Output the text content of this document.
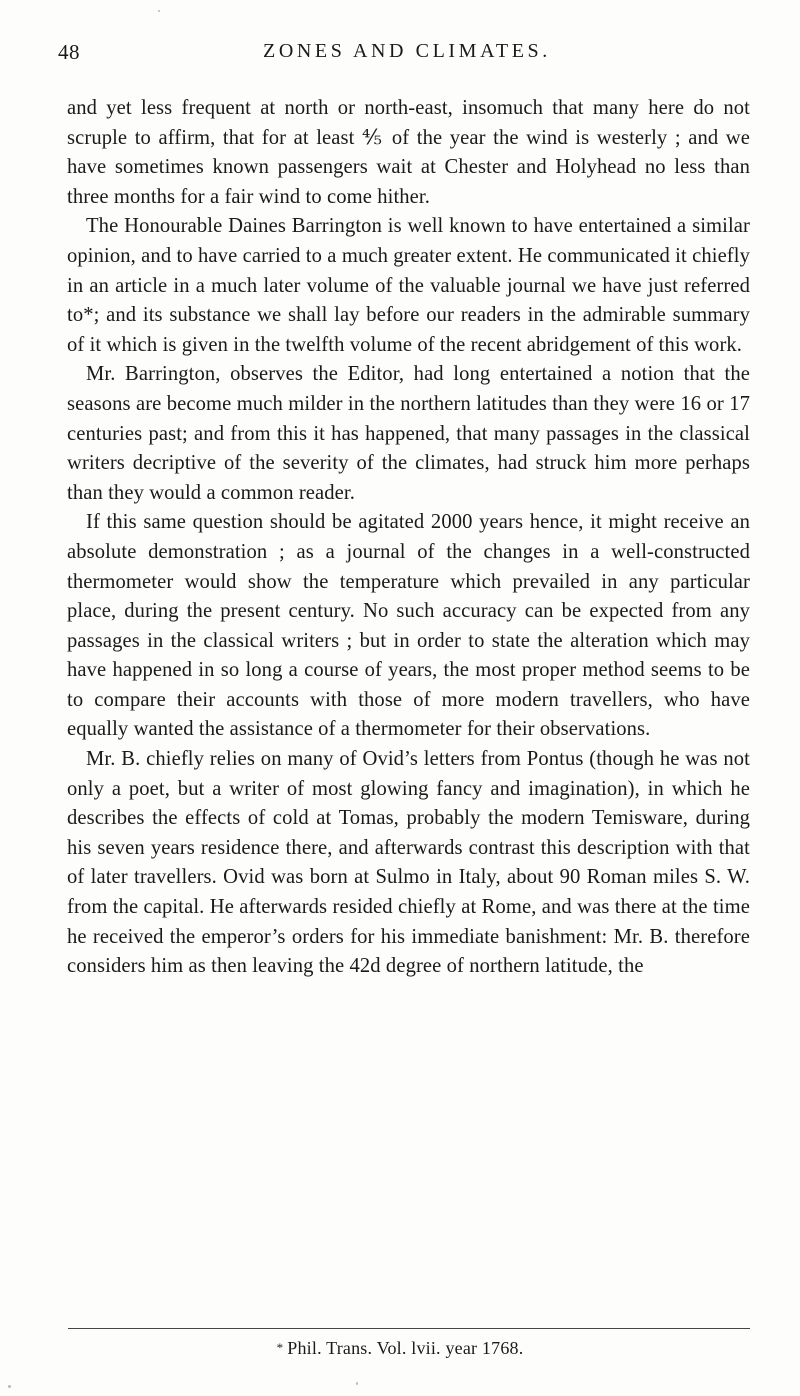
48	ZONES AND CLIMATES.

and yet less frequent at north or north-east, insomuch that many here do not scruple to affirm, that for at least ⅘ of the year the wind is westerly ; and we have sometimes known passengers wait at Chester and Holyhead no less than three months for a fair wind to come hither.

The Honourable Daines Barrington is well known to have entertained a similar opinion, and to have carried to a much greater extent. He communicated it chiefly in an article in a much later volume of the valuable journal we have just referred to*; and its substance we shall lay before our readers in the admirable summary of it which is given in the twelfth volume of the recent abridgement of this work.

Mr. Barrington, observes the Editor, had long entertained a notion that the seasons are become much milder in the northern latitudes than they were 16 or 17 centuries past; and from this it has happened, that many passages in the classical writers decriptive of the severity of the climates, had struck him more perhaps than they would a common reader.

If this same question should be agitated 2000 years hence, it might receive an absolute demonstration ; as a journal of the changes in a well-constructed thermometer would show the temperature which prevailed in any particular place, during the present century. No such accuracy can be expected from any passages in the classical writers ; but in order to state the alteration which may have happened in so long a course of years, the most proper method seems to be to compare their accounts with those of more modern travellers, who have equally wanted the assistance of a thermometer for their observations.

Mr. B. chiefly relies on many of Ovid’s letters from Pontus (though he was not only a poet, but a writer of most glowing fancy and imagination), in which he describes the effects of cold at Tomas, probably the modern Temisware, during his seven years residence there, and afterwards contrast this description with that of later travellers. Ovid was born at Sulmo in Italy, about 90 Roman miles S. W. from the capital. He afterwards resided chiefly at Rome, and was there at the time he received the emperor’s orders for his immediate banishment: Mr. B. therefore considers him as then leaving the 42d degree of northern latitude, the

* Phil. Trans. Vol. lvii. year 1768.
